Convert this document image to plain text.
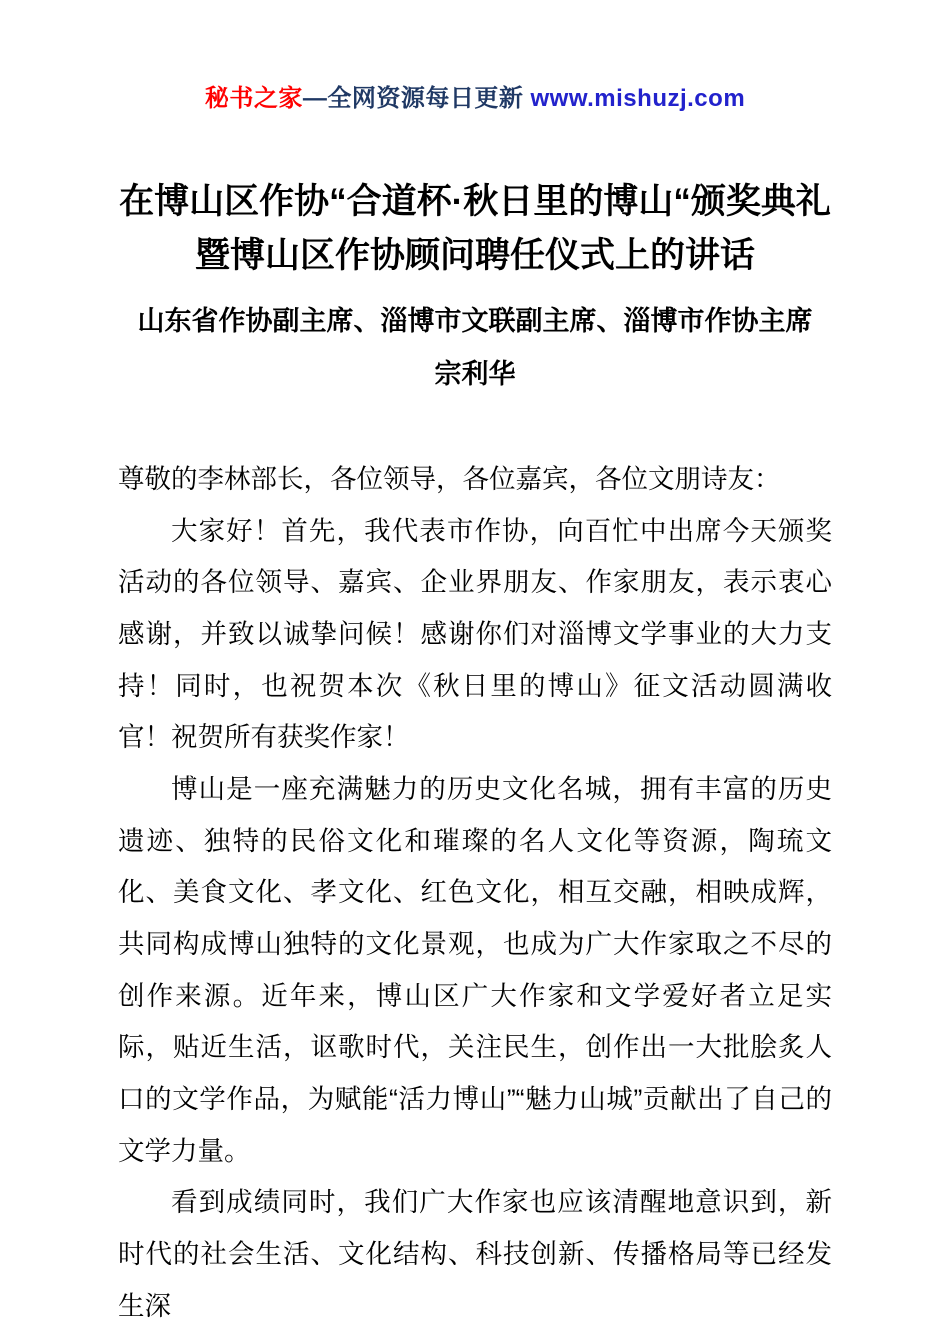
秘书之家—全网资源每日更新 www.mishuzj.com
在博山区作协“合道杯·秋日里的博山“颁奖典礼暨博山区作协顾问聘任仪式上的讲话
山东省作协副主席、淄博市文联副主席、淄博市作协主席
宗利华

尊敬的李林部长，各位领导，各位嘉宾，各位文朋诗友：

大家好！首先，我代表市作协，向百忙中出席今天颁奖活动的各位领导、嘉宾、企业界朋友、作家朋友，表示衷心感谢，并致以诚挚问候！感谢你们对淄博文学事业的大力支持！同时，也祝贺本次《秋日里的博山》征文活动圆满收官！祝贺所有获奖作家！

博山是一座充满魅力的历史文化名城，拥有丰富的历史遗迹、独特的民俗文化和璀璨的名人文化等资源，陶琉文化、美食文化、孝文化、红色文化，相互交融，相映成辉，共同构成博山独特的文化景观，也成为广大作家取之不尽的创作来源。近年来，博山区广大作家和文学爱好者立足实际，贴近生活，讴歌时代，关注民生，创作出一大批脍炙人口的文学作品，为赋能“活力博山”“魅力山城”贡献出了自己的文学力量。

看到成绩同时，我们广大作家也应该清醒地意识到，新时代的社会生活、文化结构、科技创新、传播格局等已经发生深
